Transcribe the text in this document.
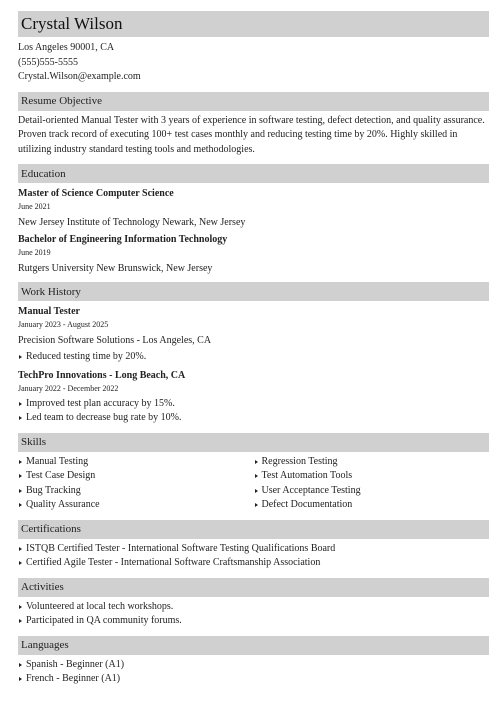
Crystal Wilson
Los Angeles 90001, CA
(555)555-5555
Crystal.Wilson@example.com
Resume Objective

Detail-oriented Manual Tester with 3 years of experience in software testing, defect detection, and quality assurance. Proven track record of executing 100+ test cases monthly and reducing testing time by 20%. Highly skilled in utilizing industry standard testing tools and methodologies.

Education
Master of Science Computer Science
June 2021
New Jersey Institute of Technology Newark, New Jersey
Bachelor of Engineering Information Technology
June 2019
Rutgers University New Brunswick, New Jersey
Work History
Manual Tester
January 2023 - August 2025
Precision Software Solutions - Los Angeles, CA
Reduced testing time by 20%.
TechPro Innovations - Long Beach, CA
January 2022 - December 2022
Improved test plan accuracy by 15%.
Led team to decrease bug rate by 10%.
Skills
Manual Testing
Test Case Design
Bug Tracking
Quality Assurance
Regression Testing
Test Automation Tools
User Acceptance Testing
Defect Documentation
Certifications
ISTQB Certified Tester - International Software Testing Qualifications Board
Certified Agile Tester - International Software Craftsmanship Association
Activities
Volunteered at local tech workshops.
Participated in QA community forums.
Languages
Spanish - Beginner (A1)
French - Beginner (A1)
